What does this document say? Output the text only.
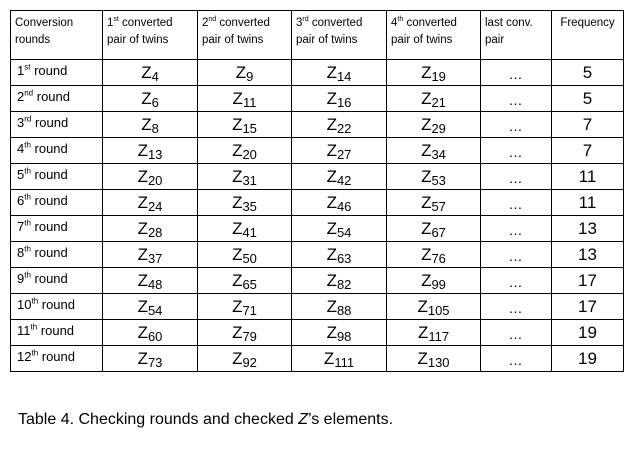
Conversion rounds	1st converted pair of twins	2nd converted pair of twins	3rd converted pair of twins	4th converted pair of twins	last conv. pair	Frequency
1st round	$Z_4$	$Z_9$	$Z_{14}$	$Z_{19}$	…	5
2nd round	$Z_6$	$Z_{11}$	$Z_{16}$	$Z_{21}$	…	5
3rd round	$Z_8$	$Z_{15}$	$Z_{22}$	$Z_{29}$	…	7
4th round	$Z_{13}$	$Z_{20}$	$Z_{27}$	$Z_{34}$	…	7
5th round	$Z_{20}$	$Z_{31}$	$Z_{42}$	$Z_{53}$	…	11
6th round	$Z_{24}$	$Z_{35}$	$Z_{46}$	$Z_{57}$	…	11
7th round	$Z_{28}$	$Z_{41}$	$Z_{54}$	$Z_{67}$	…	13
8th round	$Z_{37}$	$Z_{50}$	$Z_{63}$	$Z_{76}$	…	13
9th round	$Z_{48}$	$Z_{65}$	$Z_{82}$	$Z_{99}$	…	17
10th round	$Z_{54}$	$Z_{71}$	$Z_{88}$	$Z_{105}$	…	17
11th round	$Z_{60}$	$Z_{79}$	$Z_{98}$	$Z_{117}$	…	19
12th round	$Z_{73}$	$Z_{92}$	$Z_{111}$	$Z_{130}$	…	19
Table 4. Checking rounds and checked Z’s elements.
